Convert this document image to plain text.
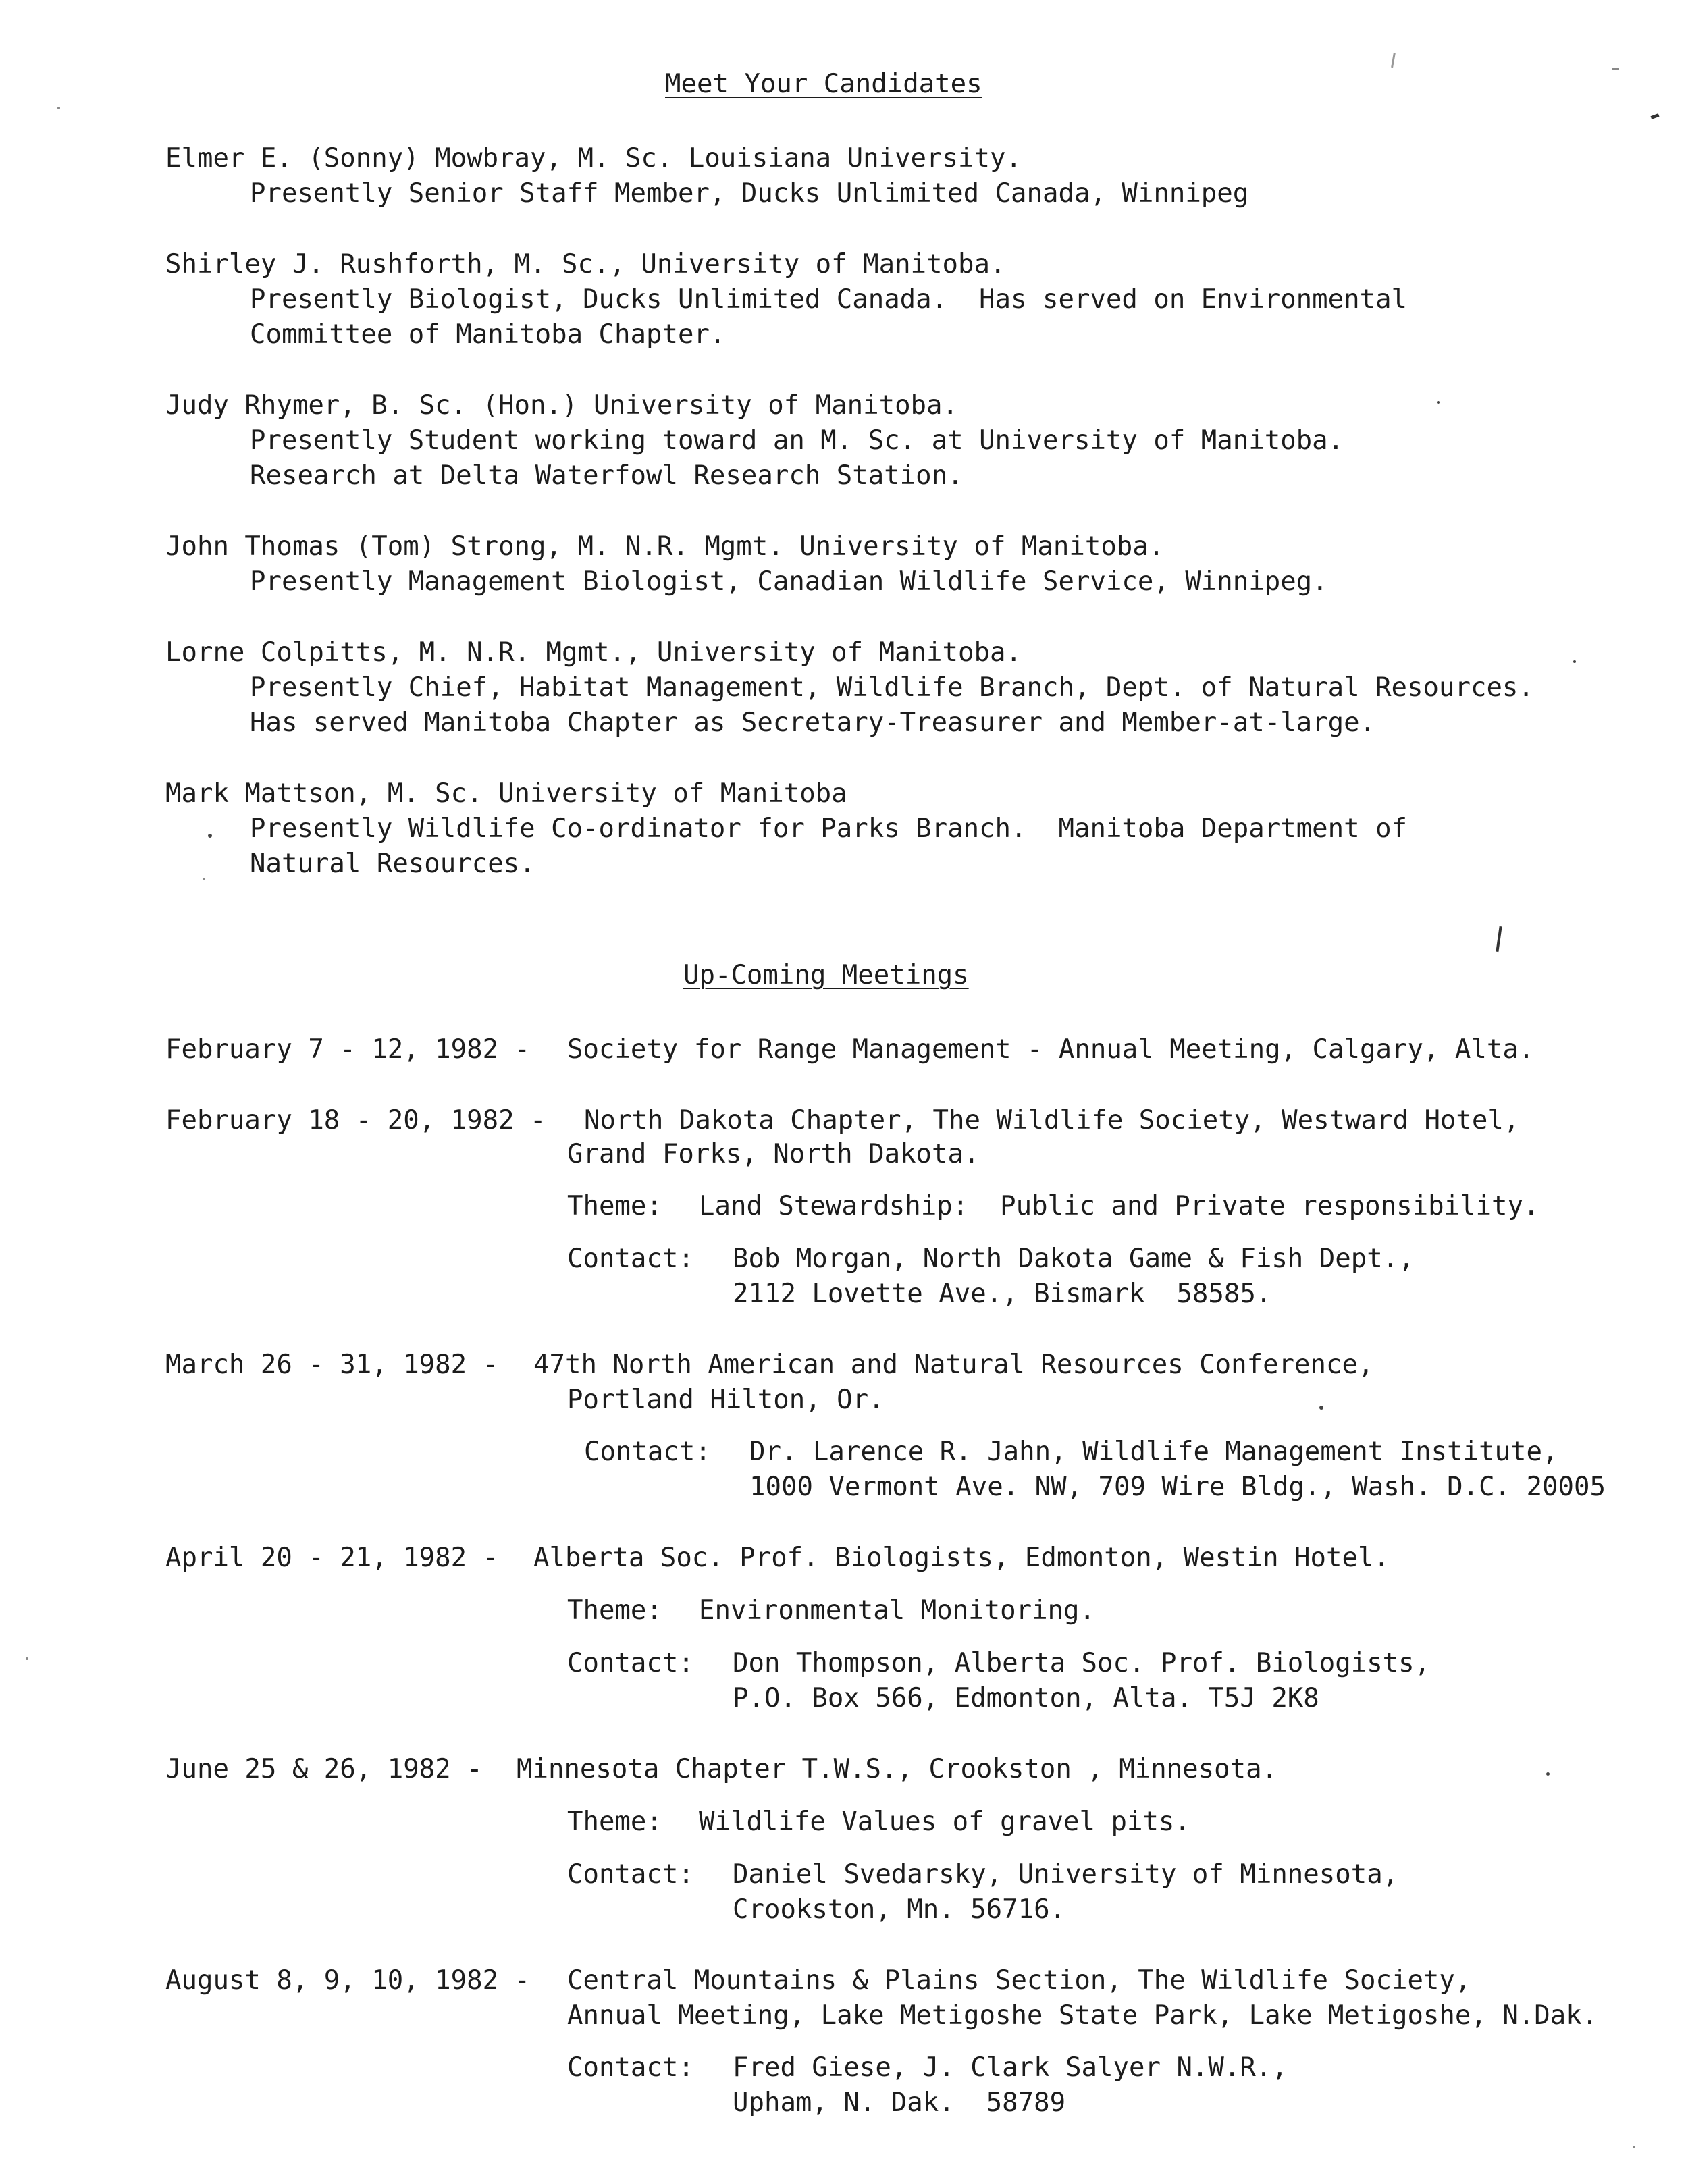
Meet Your Candidates
Elmer E. (Sonny) Mowbray, M. Sc. Louisiana University.
Presently Senior Staff Member, Ducks Unlimited Canada, Winnipeg
Shirley J. Rushforth, M. Sc., University of Manitoba.
Presently Biologist, Ducks Unlimited Canada.  Has served on Environmental
Committee of Manitoba Chapter.
Judy Rhymer, B. Sc. (Hon.) University of Manitoba.
Presently Student working toward an M. Sc. at University of Manitoba.
Research at Delta Waterfowl Research Station.
John Thomas (Tom) Strong, M. N.R. Mgmt. University of Manitoba.
Presently Management Biologist, Canadian Wildlife Service, Winnipeg.
Lorne Colpitts, M. N.R. Mgmt., University of Manitoba.
Presently Chief, Habitat Management, Wildlife Branch, Dept. of Natural Resources.
Has served Manitoba Chapter as Secretary-Treasurer and Member-at-large.
Mark Mattson, M. Sc. University of Manitoba
Presently Wildlife Co-ordinator for Parks Branch.  Manitoba Department of
Natural Resources.
Up-Coming Meetings
February 7 - 12, 1982 - Society for Range Management - Annual Meeting, Calgary, Alta.
February 18 - 20, 1982 - North Dakota Chapter, The Wildlife Society, Westward Hotel,
Grand Forks, North Dakota.
Theme: Land Stewardship:  Public and Private responsibility.
Contact: Bob Morgan, North Dakota Game & Fish Dept.,
2112 Lovette Ave., Bismark  58585.
March 26 - 31, 1982 - 47th North American and Natural Resources Conference,
Portland Hilton, Or.
Contact: Dr. Larence R. Jahn, Wildlife Management Institute,
1000 Vermont Ave. NW, 709 Wire Bldg., Wash. D.C. 20005
April 20 - 21, 1982 - Alberta Soc. Prof. Biologists, Edmonton, Westin Hotel.
Theme: Environmental Monitoring.
Contact: Don Thompson, Alberta Soc. Prof. Biologists,
P.O. Box 566, Edmonton, Alta. T5J 2K8
June 25 & 26, 1982 - Minnesota Chapter T.W.S., Crookston , Minnesota.
Theme: Wildlife Values of gravel pits.
Contact: Daniel Svedarsky, University of Minnesota,
Crookston, Mn. 56716.
August 8, 9, 10, 1982 - Central Mountains & Plains Section, The Wildlife Society,
Annual Meeting, Lake Metigoshe State Park, Lake Metigoshe, N.Dak.
Contact: Fred Giese, J. Clark Salyer N.W.R.,
Upham, N. Dak.  58789
